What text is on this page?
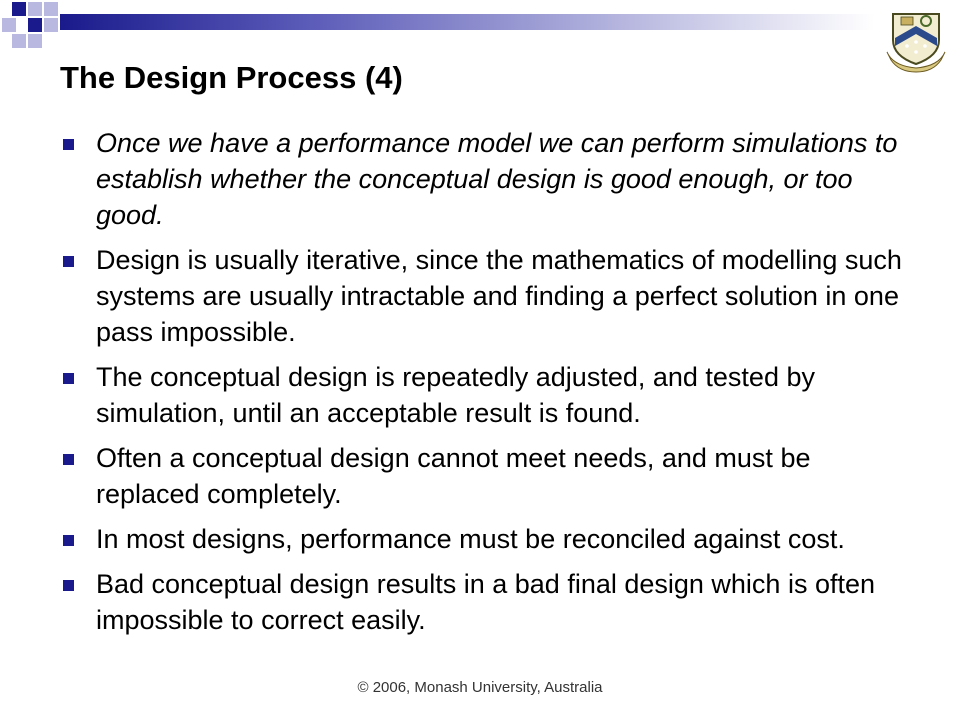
The Design Process (4)
Once we have a performance model we can perform simulations to establish whether the conceptual design is good enough, or too good.
Design is usually iterative, since the mathematics of modelling such systems are usually intractable and finding a perfect solution in one pass impossible.
The conceptual design is repeatedly adjusted, and tested by simulation, until an acceptable result is found.
Often a conceptual design cannot meet needs, and must be replaced completely.
In most designs, performance must be reconciled against cost.
Bad conceptual design results in a bad final design which is often impossible to correct easily.
© 2006, Monash University, Australia
